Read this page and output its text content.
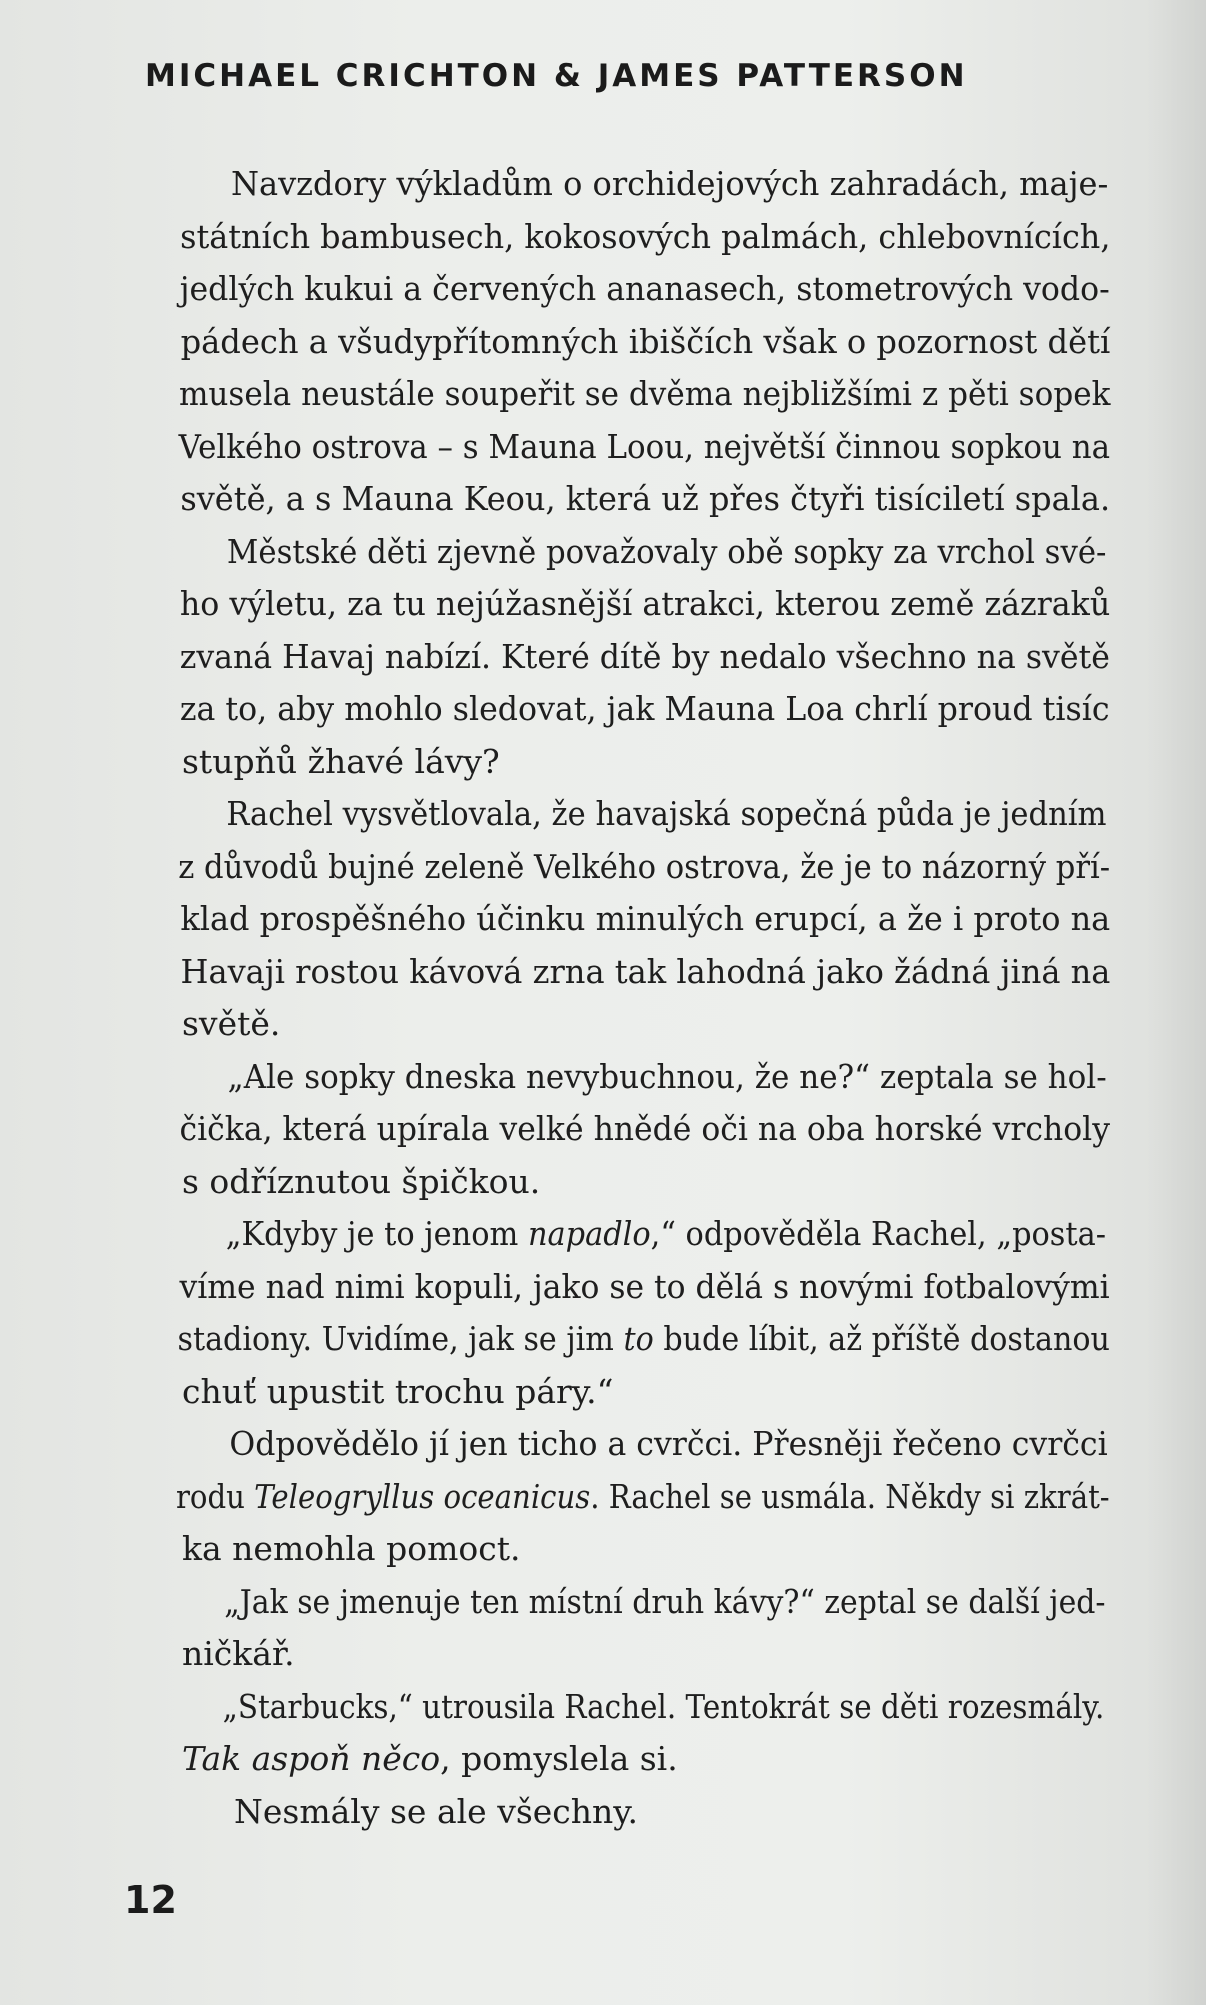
MICHAEL CRICHTON & JAMES PATTERSON

Navzdory výkladům o orchidejových zahradách, maje-
státních bambusech, kokosových palmách, chlebovnících,
jedlých kukui a červených ananasech, stometrových vodo-
pádech a všudypřítomných ibiščích však o pozornost dětí
musela neustále soupeřit se dvěma nejbližšími z pěti sopek
Velkého ostrova – s Mauna Loou, největší činnou sopkou na
světě, a s Mauna Keou, která už přes čtyři tisíciletí spala.

Městské děti zjevně považovaly obě sopky za vrchol své-
ho výletu, za tu nejúžasnější atrakci, kterou země zázraků
zvaná Havaj nabízí. Které dítě by nedalo všechno na světě
za to, aby mohlo sledovat, jak Mauna Loa chrlí proud tisíc
stupňů žhavé lávy?

Rachel vysvětlovala, že havajská sopečná půda je jedním
z důvodů bujné zeleně Velkého ostrova, že je to názorný pří-
klad prospěšného účinku minulých erupcí, a že i proto na
Havaji rostou kávová zrna tak lahodná jako žádná jiná na
světě.

„Ale sopky dneska nevybuchnou, že ne?“ zeptala se hol-
čička, která upírala velké hnědé oči na oba horské vrcholy
s odříznutou špičkou.

„Kdyby je to jenom napadlo,“ odpověděla Rachel, „posta-
víme nad nimi kopuli, jako se to dělá s novými fotbalovými
stadiony. Uvidíme, jak se jim to bude líbit, až příště dostanou
chuť upustit trochu páry.“

Odpovědělo jí jen ticho a cvrčci. Přesněji řečeno cvrčci
rodu Teleogryllus oceanicus. Rachel se usmála. Někdy si zkrát-
ka nemohla pomoct.

„Jak se jmenuje ten místní druh kávy?“ zeptal se další jed-
ničkář.

„Starbucks,“ utrousila Rachel. Tentokrát se děti rozesmály.
Tak aspoň něco, pomyslela si.

Nesmály se ale všechny.

12
